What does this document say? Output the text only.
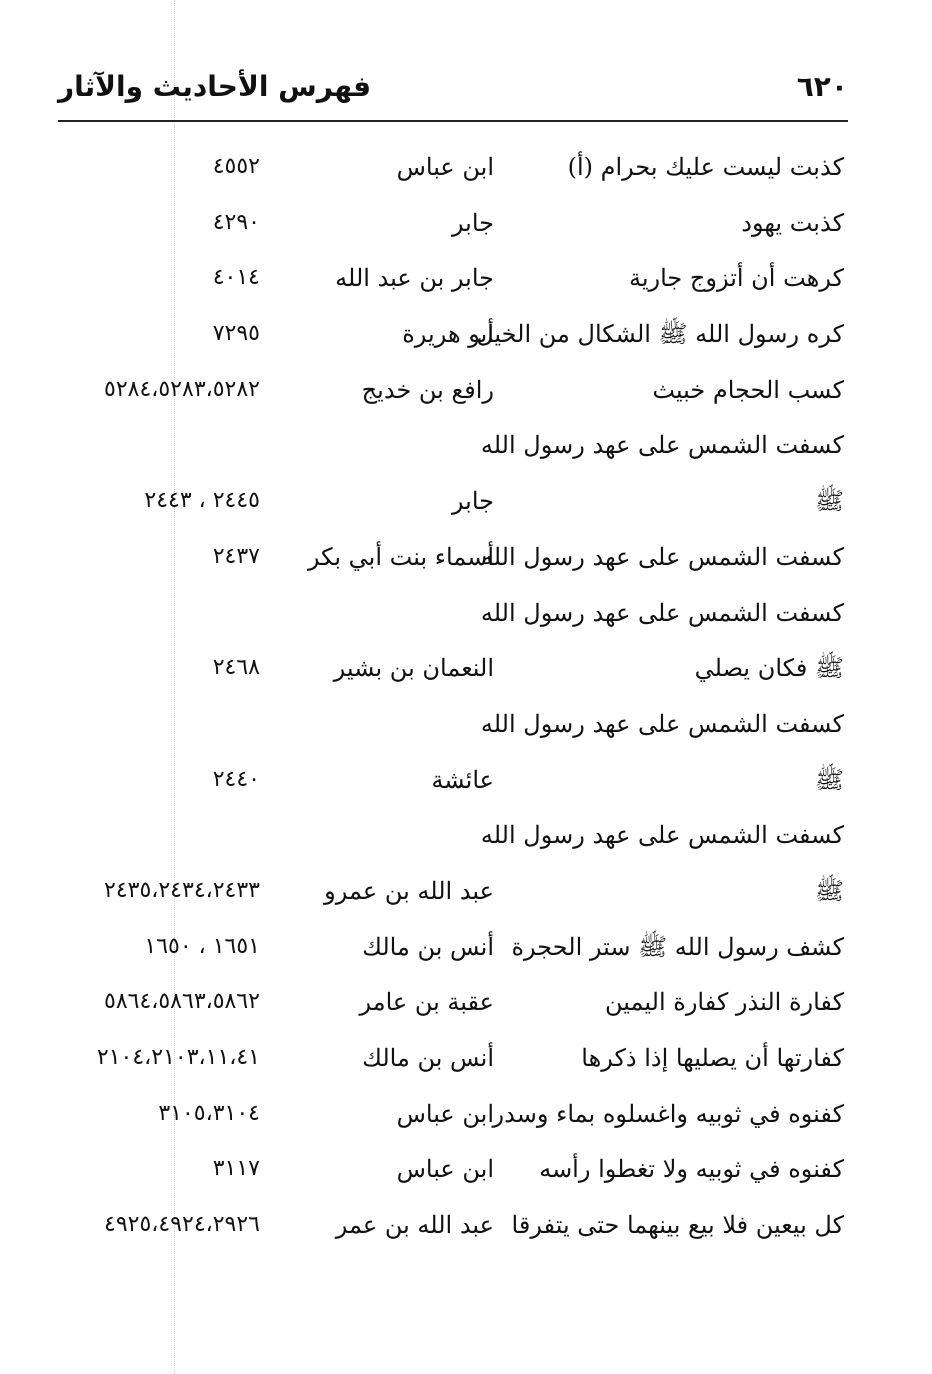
فهرس الأحاديث والآثار	٦٢٠
كذبت ليست عليك بحرام (أ)
ابن عباس
٤٥٥٢
كذبت يهود
جابر
٤٢٩٠
كرهت أن أتزوج جارية
جابر بن عبد الله
٤٠١٤
كره رسول الله ﷺ الشكال من الخيل
أبو هريرة
٧٢٩٥
كسب الحجام خبيث
رافع بن خديج
٥٢٨٤،٥٢٨٣،٥٢٨٢
كسفت الشمس على عهد رسول الله
ﷺ
جابر
٢٤٤٥ ، ٢٤٤٣
كسفت الشمس على عهد رسول الله
أسماء بنت أبي بكر
٢٤٣٧
كسفت الشمس على عهد رسول الله
ﷺ فكان يصلي
النعمان بن بشير
٢٤٦٨
كسفت الشمس على عهد رسول الله
ﷺ
عائشة
٢٤٤٠
كسفت الشمس على عهد رسول الله
ﷺ
عبد الله بن عمرو
٢٤٣٥،٢٤٣٤،٢٤٣٣
كشف رسول الله ﷺ ستر الحجرة
أنس بن مالك
١٦٥١ ، ١٦٥٠
كفارة النذر كفارة اليمين
عقبة بن عامر
٥٨٦٤،٥٨٦٣،٥٨٦٢
كفارتها أن يصليها إذا ذكرها
أنس بن مالك
٢١٠٤،٢١٠٣،١١،٤١
كفنوه في ثوبيه واغسلوه بماء وسدر
ابن عباس
٣١٠٥،٣١٠٤
كفنوه في ثوبيه ولا تغطوا رأسه
ابن عباس
٣١١٧
كل بيعين فلا بيع بينهما حتى يتفرقا
عبد الله بن عمر
٤٩٢٥،٤٩٢٤،٢٩٢٦
